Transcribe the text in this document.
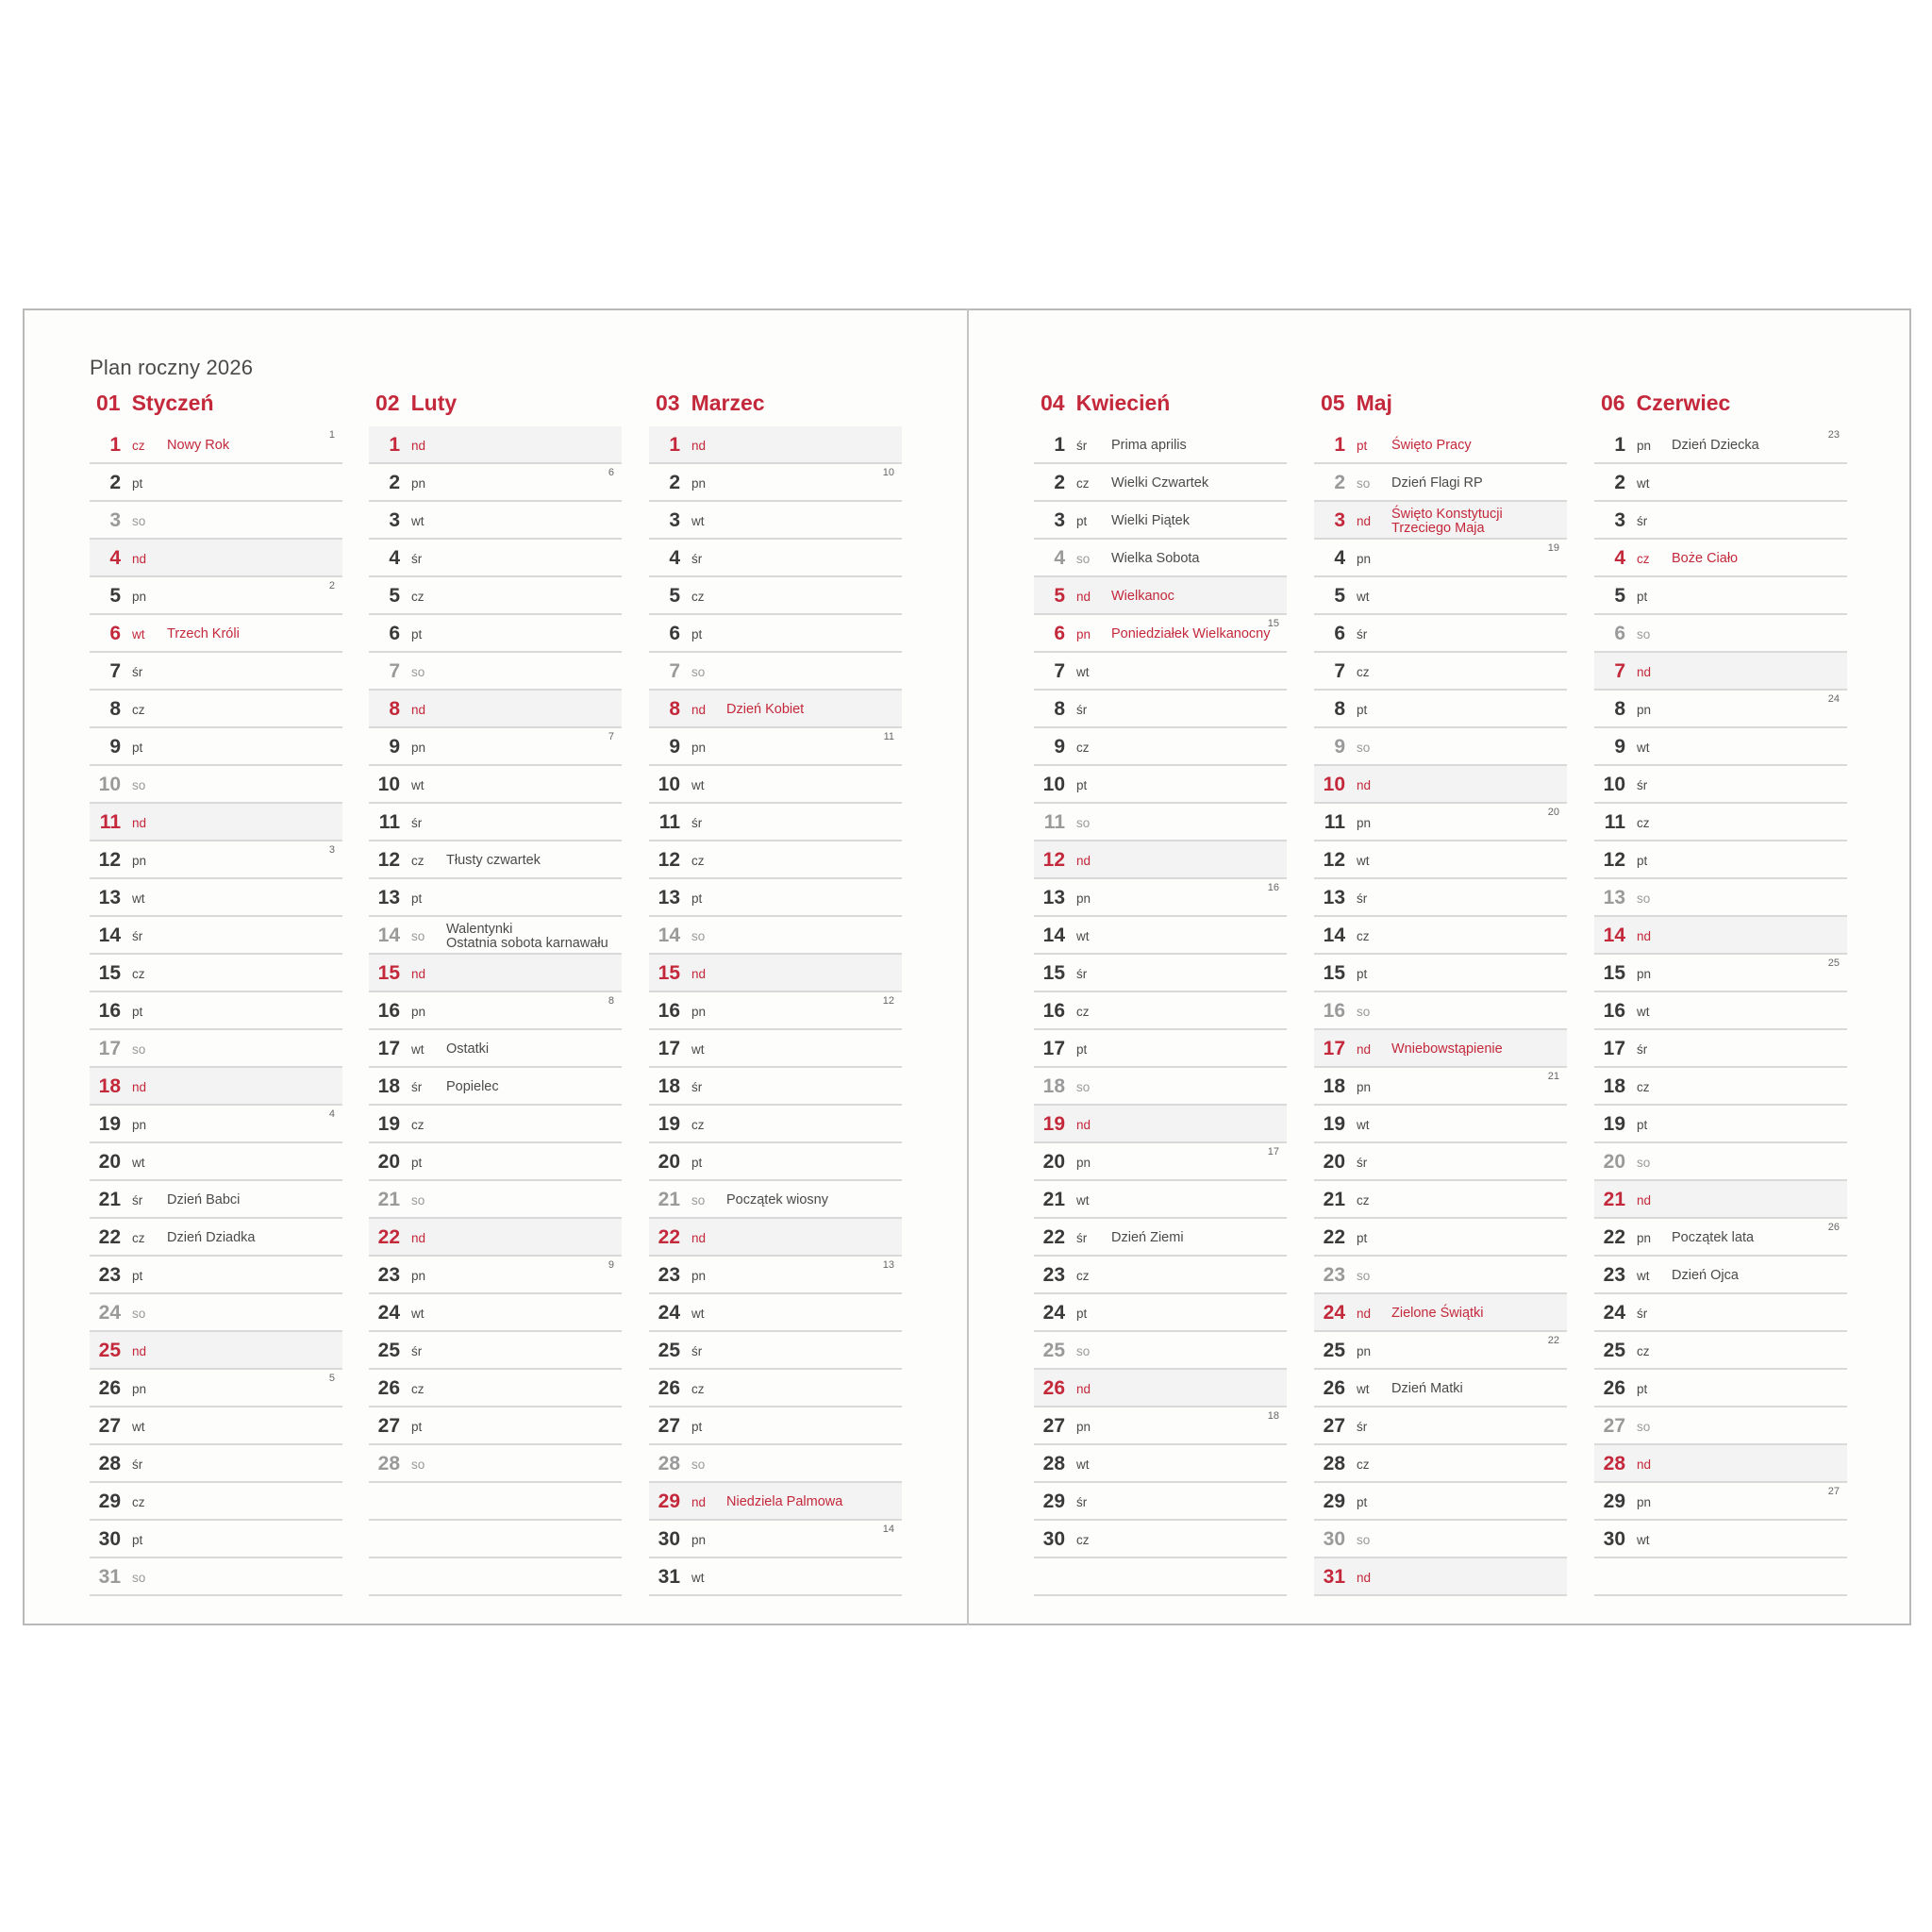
Plan roczny 2026
01 Styczeń
1 cz Nowy Rok
1
2 pt
3 so
4 nd
5 pn
2
6 wt Trzech Króli
7 śr
8 cz
9 pt
10 so
11 nd
12 pn
3
13 wt
14 śr
15 cz
16 pt
17 so
18 nd
19 pn
4
20 wt
21 śr Dzień Babci
22 cz Dzień Dziadka
23 pt
24 so
25 nd
26 pn
5
27 wt
28 śr
29 cz
30 pt
31 so
02 Luty
1 nd
2 pn
6
3 wt
4 śr
5 cz
6 pt
7 so
8 nd
9 pn
7
10 wt
11 śr
12 cz Tłusty czwartek
13 pt
14 so Walentynki
Ostatnia sobota karnawału
15 nd
16 pn
8
17 wt Ostatki
18 śr Popielec
19 cz
20 pt
21 so
22 nd
23 pn
9
24 wt
25 śr
26 cz
27 pt
28 so
03 Marzec
1 nd
2 pn
10
3 wt
4 śr
5 cz
6 pt
7 so
8 nd Dzień Kobiet
9 pn
11
10 wt
11 śr
12 cz
13 pt
14 so
15 nd
16 pn
12
17 wt
18 śr
19 cz
20 pt
21 so Początek wiosny
22 nd
23 pn
13
24 wt
25 śr
26 cz
27 pt
28 so
29 nd Niedziela Palmowa
30 pn
14
31 wt
04 Kwiecień
1 śr Prima aprilis
2 cz Wielki Czwartek
3 pt Wielki Piątek
4 so Wielka Sobota
5 nd Wielkanoc
6 pn Poniedziałek Wielkanocny
15
7 wt
8 śr
9 cz
10 pt
11 so
12 nd
13 pn
16
14 wt
15 śr
16 cz
17 pt
18 so
19 nd
20 pn
17
21 wt
22 śr Dzień Ziemi
23 cz
24 pt
25 so
26 nd
27 pn
18
28 wt
29 śr
30 cz
05 Maj
1 pt Święto Pracy
2 so Dzień Flagi RP
3 nd Święto Konstytucji
Trzeciego Maja
4 pn
19
5 wt
6 śr
7 cz
8 pt
9 so
10 nd
11 pn
20
12 wt
13 śr
14 cz
15 pt
16 so
17 nd Wniebowstąpienie
18 pn
21
19 wt
20 śr
21 cz
22 pt
23 so
24 nd Zielone Świątki
25 pn
22
26 wt Dzień Matki
27 śr
28 cz
29 pt
30 so
31 nd
06 Czerwiec
1 pn Dzień Dziecka
23
2 wt
3 śr
4 cz Boże Ciało
5 pt
6 so
7 nd
8 pn
24
9 wt
10 śr
11 cz
12 pt
13 so
14 nd
15 pn
25
16 wt
17 śr
18 cz
19 pt
20 so
21 nd
22 pn Początek lata
26
23 wt Dzień Ojca
24 śr
25 cz
26 pt
27 so
28 nd
29 pn
27
30 wt
